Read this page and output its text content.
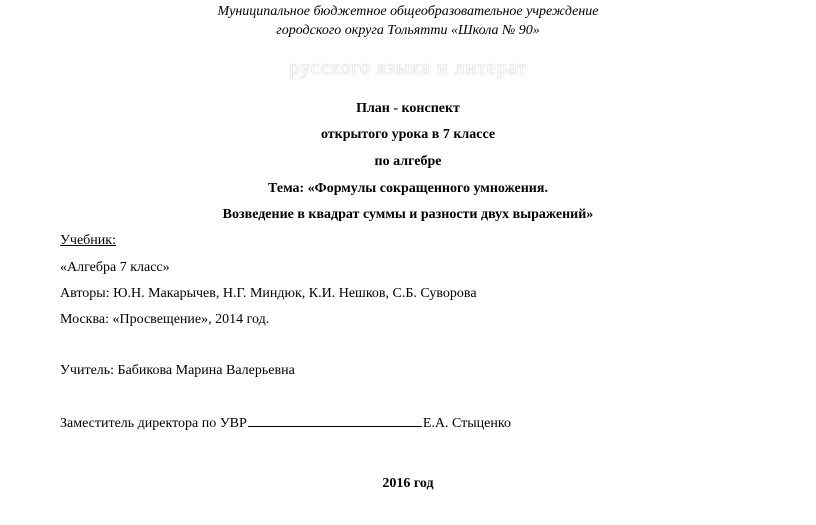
Муниципальное бюджетное общеобразовательное учреждение
городского округа Тольятти «Школа № 90»
русского языка и литерат
План - конспект
открытого урока в 7 классе
по алгебре
Тема: «Формулы сокращенного умножения.
Возведение в квадрат суммы и разности двух выражений»
Учебник:
«Алгебра 7 класс»
Авторы: Ю.Н. Макарычев, Н.Г. Миндюк, К.И. Нешков, С.Б. Суворова
Москва: «Просвещение», 2014 год.
Учитель: Бабикова Марина Валерьевна
Заместитель директора по УВР	Е.А. Стыценко
2016 год
